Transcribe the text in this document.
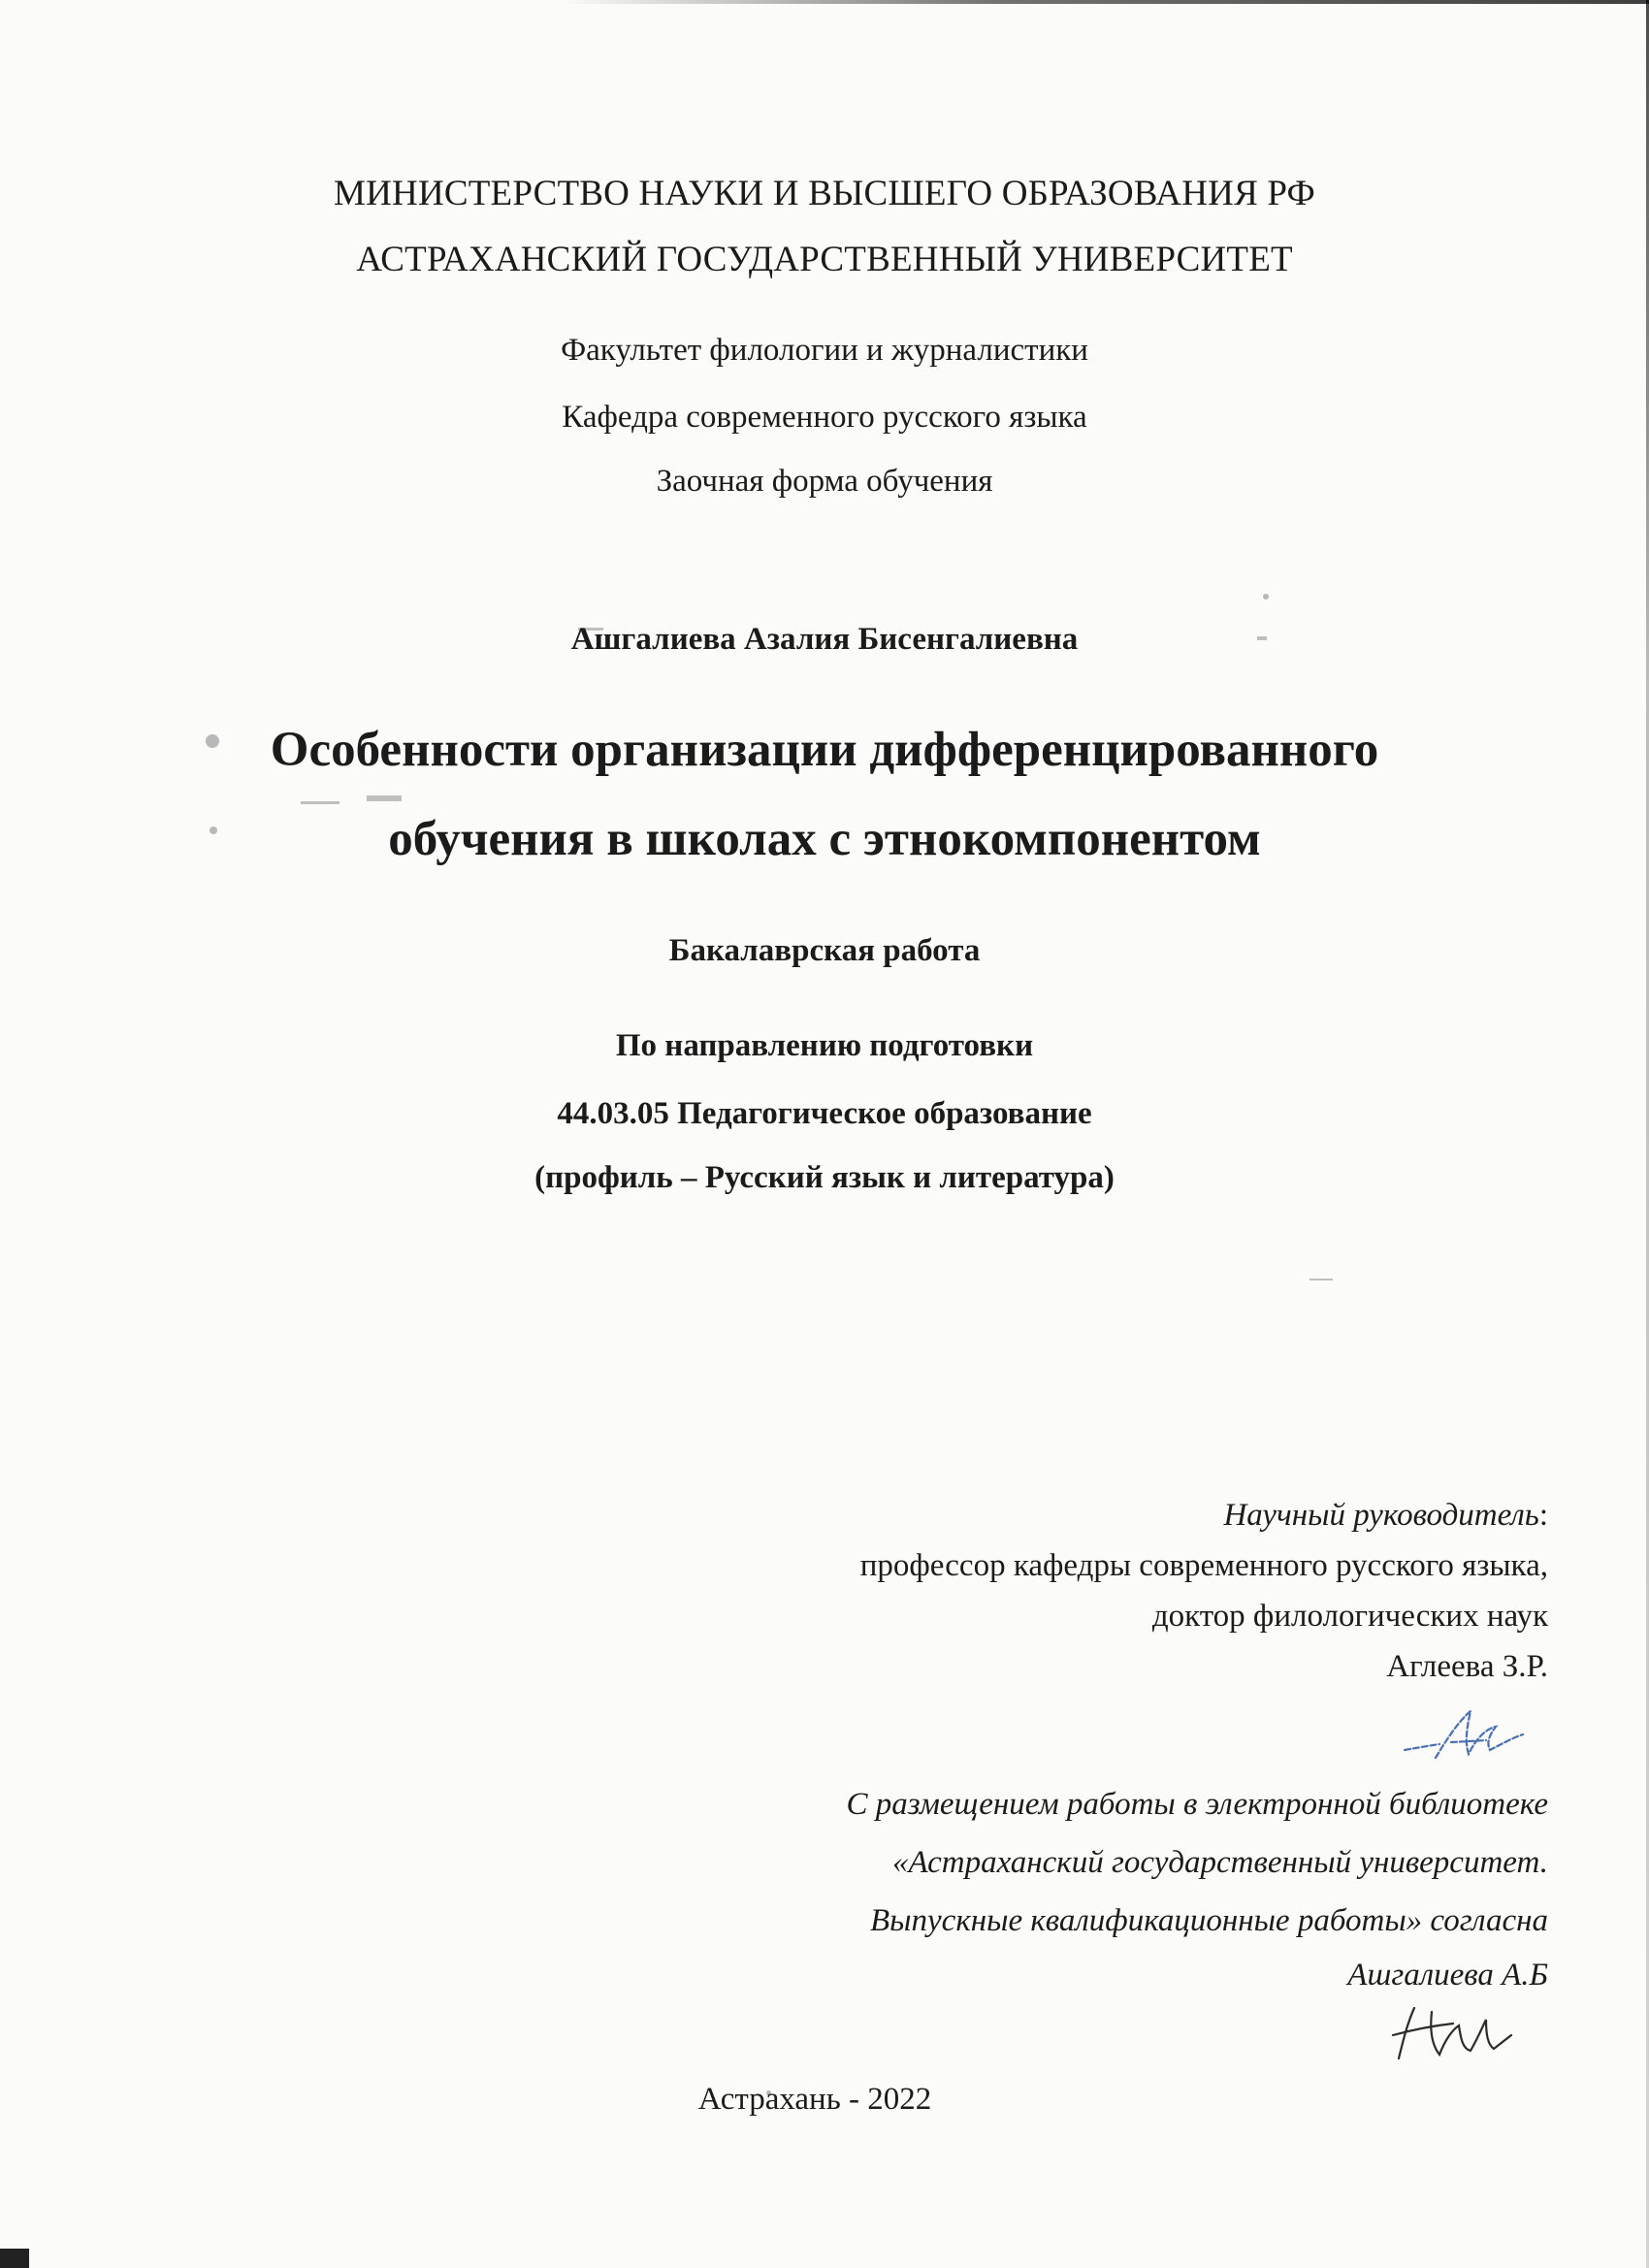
МИНИСТЕРСТВО НАУКИ И ВЫСШЕГО ОБРАЗОВАНИЯ РФ
АСТРАХАНСКИЙ ГОСУДАРСТВЕННЫЙ УНИВЕРСИТЕТ
Факультет филологии и журналистики
Кафедра современного русского языка
Заочная форма обучения
Ашгалиева Азалия Бисенгалиевна
Особенности организации дифференцированного
обучения в школах с этнокомпонентом
Бакалаврская работа
По направлению подготовки
44.03.05 Педагогическое образование
(профиль – Русский язык и литература)
Научный руководитель:
профессор кафедры современного русского языка,
доктор филологических наук
Аглеева З.Р.
С размещением работы в электронной библиотеке
«Астраханский государственный университет.
Выпускные квалификационные работы» согласна
Ашгалиева А.Б
Астрахань - 2022
